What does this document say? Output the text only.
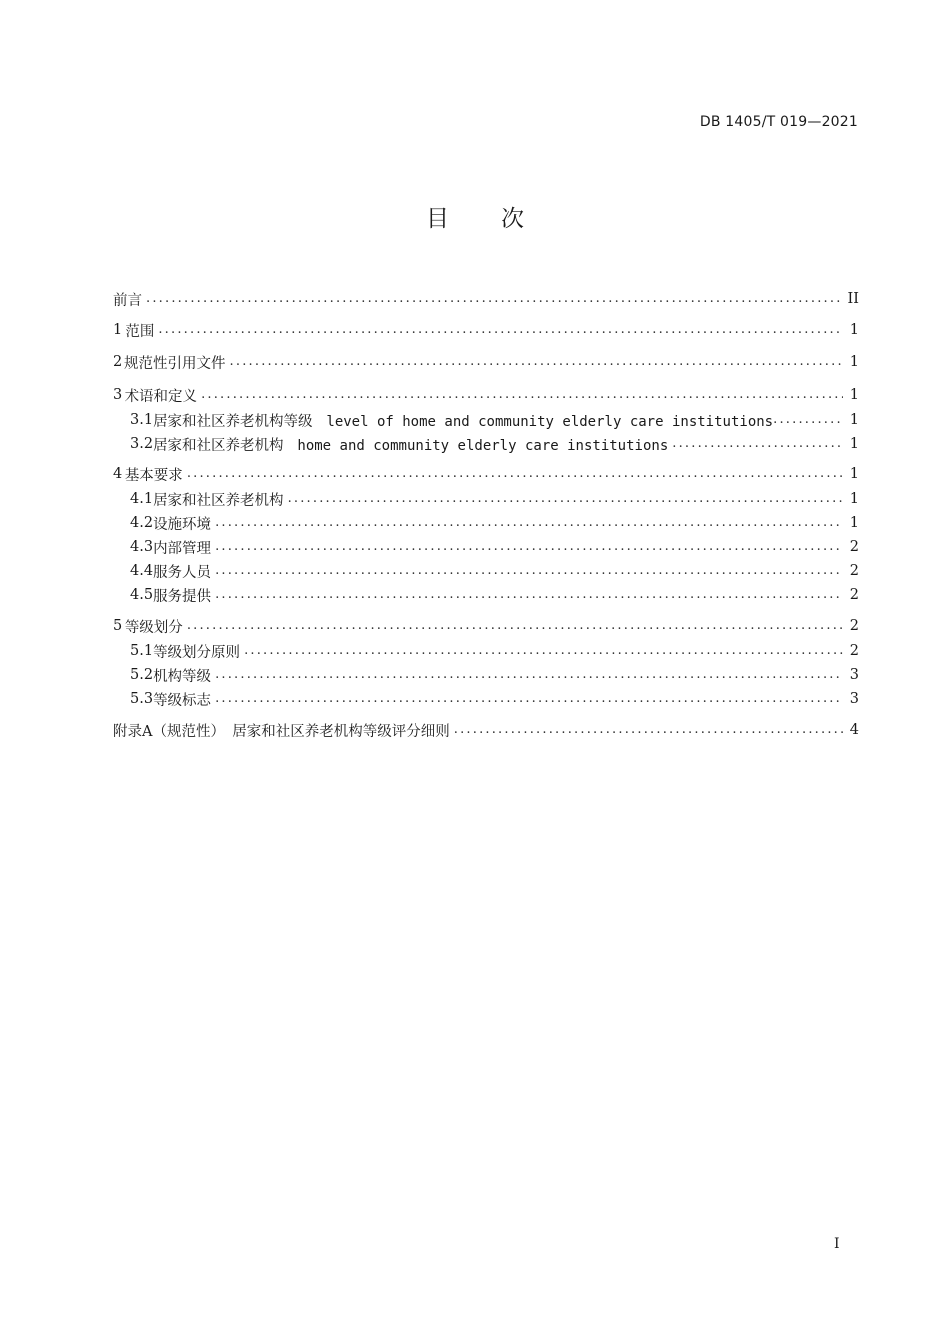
DB 1405/T 019—2021
目 次
前言 .....	II
1 范围 .....	1
2 规范性引用文件 .....	1
3 术语和定义 .....	1
3.1 居家和社区养老机构等级 level of home and community elderly care institutions .....	1
3.2 居家和社区养老机构 home and community elderly care institutions .....	1
4 基本要求 .....	1
4.1 居家和社区养老机构 .....	1
4.2 设施环境 .....	1
4.3 内部管理 .....	2
4.4 服务人员 .....	2
4.5 服务提供 .....	2
5 等级划分 .....	2
5.1 等级划分原则 .....	2
5.2 机构等级 .....	3
5.3 等级标志 .....	3
附录A（规范性）　居家和社区养老机构等级评分细则 .....	4
I
